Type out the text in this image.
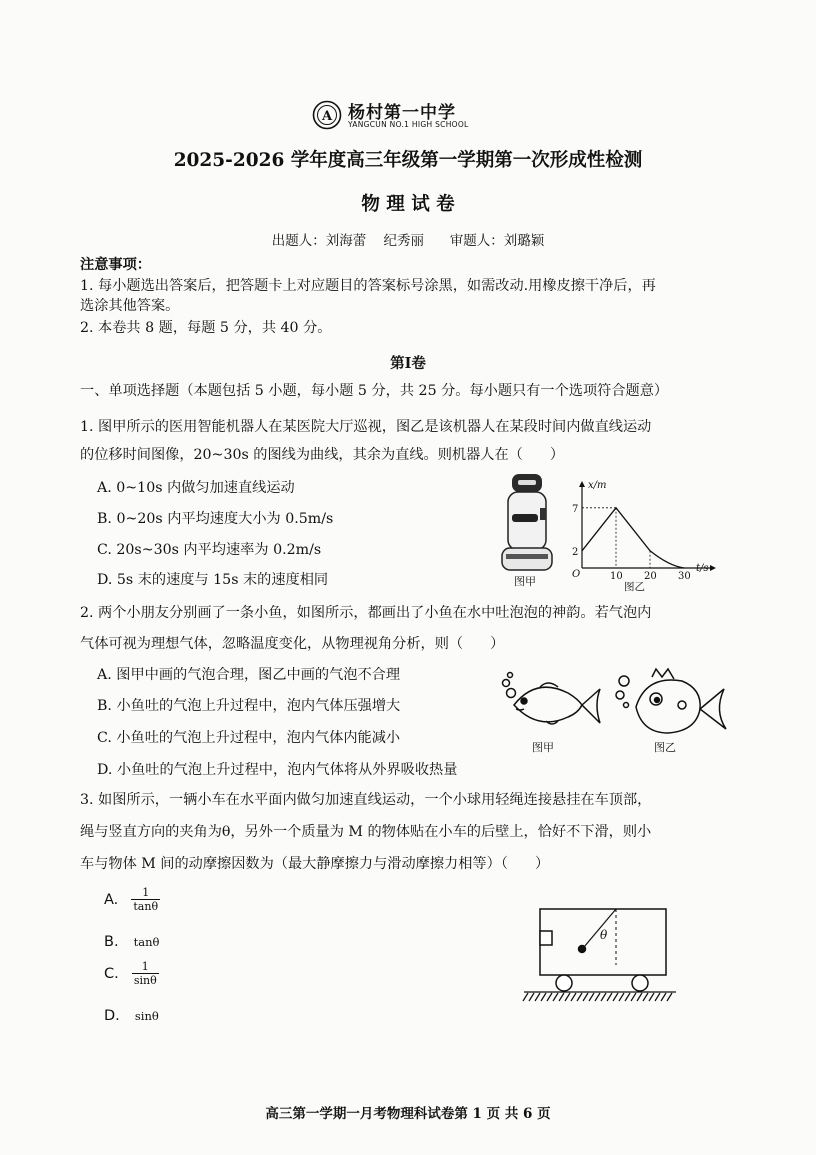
A 杨村第一中学
YANGCUN NO.1 HIGH SCHOOL
2025-2026 学年度高三年级第一学期第一次形成性检测
物 理 试 卷
出题人：刘海蕾    纪秀丽      审题人：刘璐颖
注意事项：
1. 每小题选出答案后，把答题卡上对应题目的答案标号涂黑，如需改动.用橡皮擦干净后，再
选涂其他答案。
2. 本卷共 8 题，每题 5 分，共 40 分。
第Ⅰ卷
一、单项选择题（本题包括 5 小题，每小题 5 分，共 25 分。每小题只有一个选项符合题意）
1. 图甲所示的医用智能机器人在某医院大厅巡视，图乙是该机器人在某段时间内做直线运动
的位移时间图像，20~30s 的图线为曲线，其余为直线。则机器人在（      ）
A. 0~10s 内做匀加速直线运动
B. 0~20s 内平均速度大小为 0.5m/s
C. 20s~30s 内平均速率为 0.2m/s
D. 5s 末的速度与 15s 末的速度相同	图甲
x/m
t/s
O
7
2
10 20 30
图乙
2. 两个小朋友分别画了一条小鱼，如图所示，都画出了小鱼在水中吐泡泡的神韵。若气泡内
气体可视为理想气体，忽略温度变化，从物理视角分析，则（      ）
A. 图甲中画的气泡合理，图乙中画的气泡不合理
B. 小鱼吐的气泡上升过程中，泡内气体压强增大
C. 小鱼吐的气泡上升过程中，泡内气体内能减小
D. 小鱼吐的气泡上升过程中，泡内气体将从外界吸收热量
图甲	图乙
3. 如图所示，一辆小车在水平面内做匀加速直线运动，一个小球用轻绳连接悬挂在车顶部，
绳与竖直方向的夹角为θ，另外一个质量为 M 的物体贴在小车的后壁上，恰好不下滑，则小
车与物体 M 间的动摩擦因数为（最大静摩擦力与滑动摩擦力相等）（      ）
A. $\frac{1}{\tan\theta}$
B. tanθ
C. $\frac{1}{\sin\theta}$
D. sinθ
θ
高三第一学期一月考物理科试卷第 1 页 共 6 页
